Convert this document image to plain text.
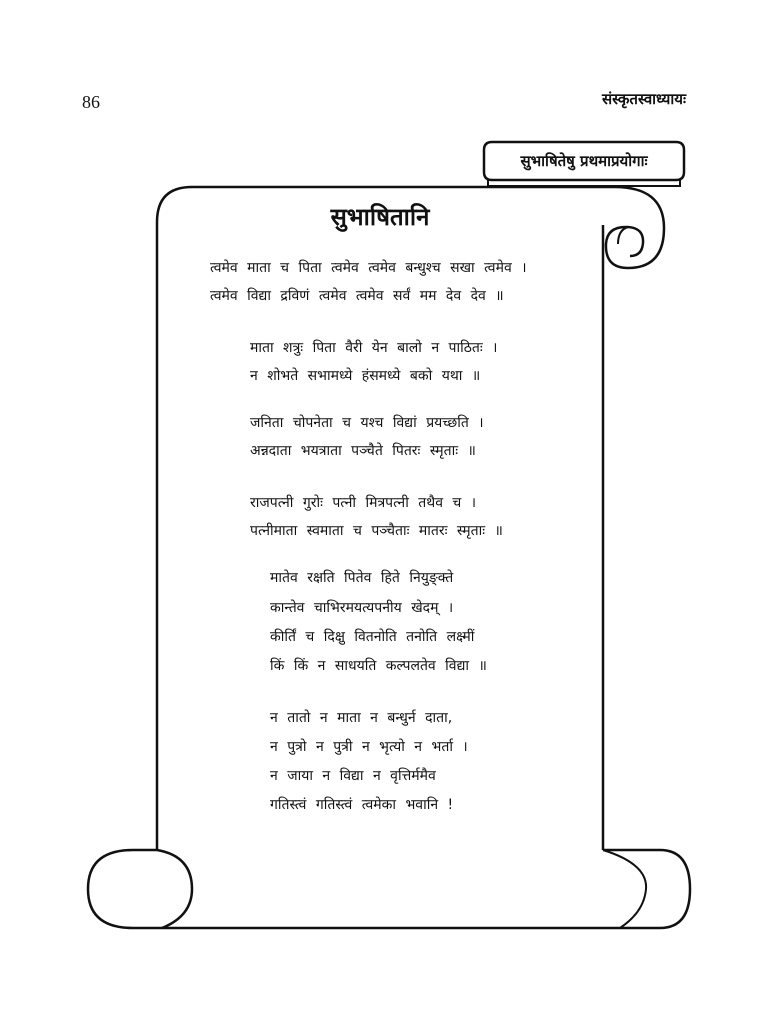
86	संस्कृतस्वाध्यायः
सुभाषितेषु प्रथमाप्रयोगाः
सुभाषितानि
त्वमेव माता च पिता त्वमेव त्वमेव बन्धुश्च सखा त्वमेव ।
त्वमेव विद्या द्रविणं त्वमेव त्वमेव सर्वं मम देव देव ॥
माता शत्रुः पिता वैरी येन बालो न पाठितः ।
न शोभते सभामध्ये हंसमध्ये बको यथा ॥
जनिता चोपनेता च यश्च विद्यां प्रयच्छति ।
अन्नदाता भयत्राता पञ्चैते पितरः स्मृताः ॥
राजपत्नी गुरोः पत्नी मित्रपत्नी तथैव च ।
पत्नीमाता स्वमाता च पञ्चैताः मातरः स्मृताः ॥
मातेव रक्षति पितेव हिते नियुङ्क्ते
कान्तेव चाभिरमयत्यपनीय खेदम् ।
कीर्तिं च दिक्षु वितनोति तनोति लक्ष्मीं
किं किं न साधयति कल्पलतेव विद्या ॥
न तातो न माता न बन्धुर्न दाता,
न पुत्रो न पुत्री न भृत्यो न भर्ता ।
न जाया न विद्या न वृत्तिर्ममैव
गतिस्त्वं गतिस्त्वं त्वमेका भवानि !
